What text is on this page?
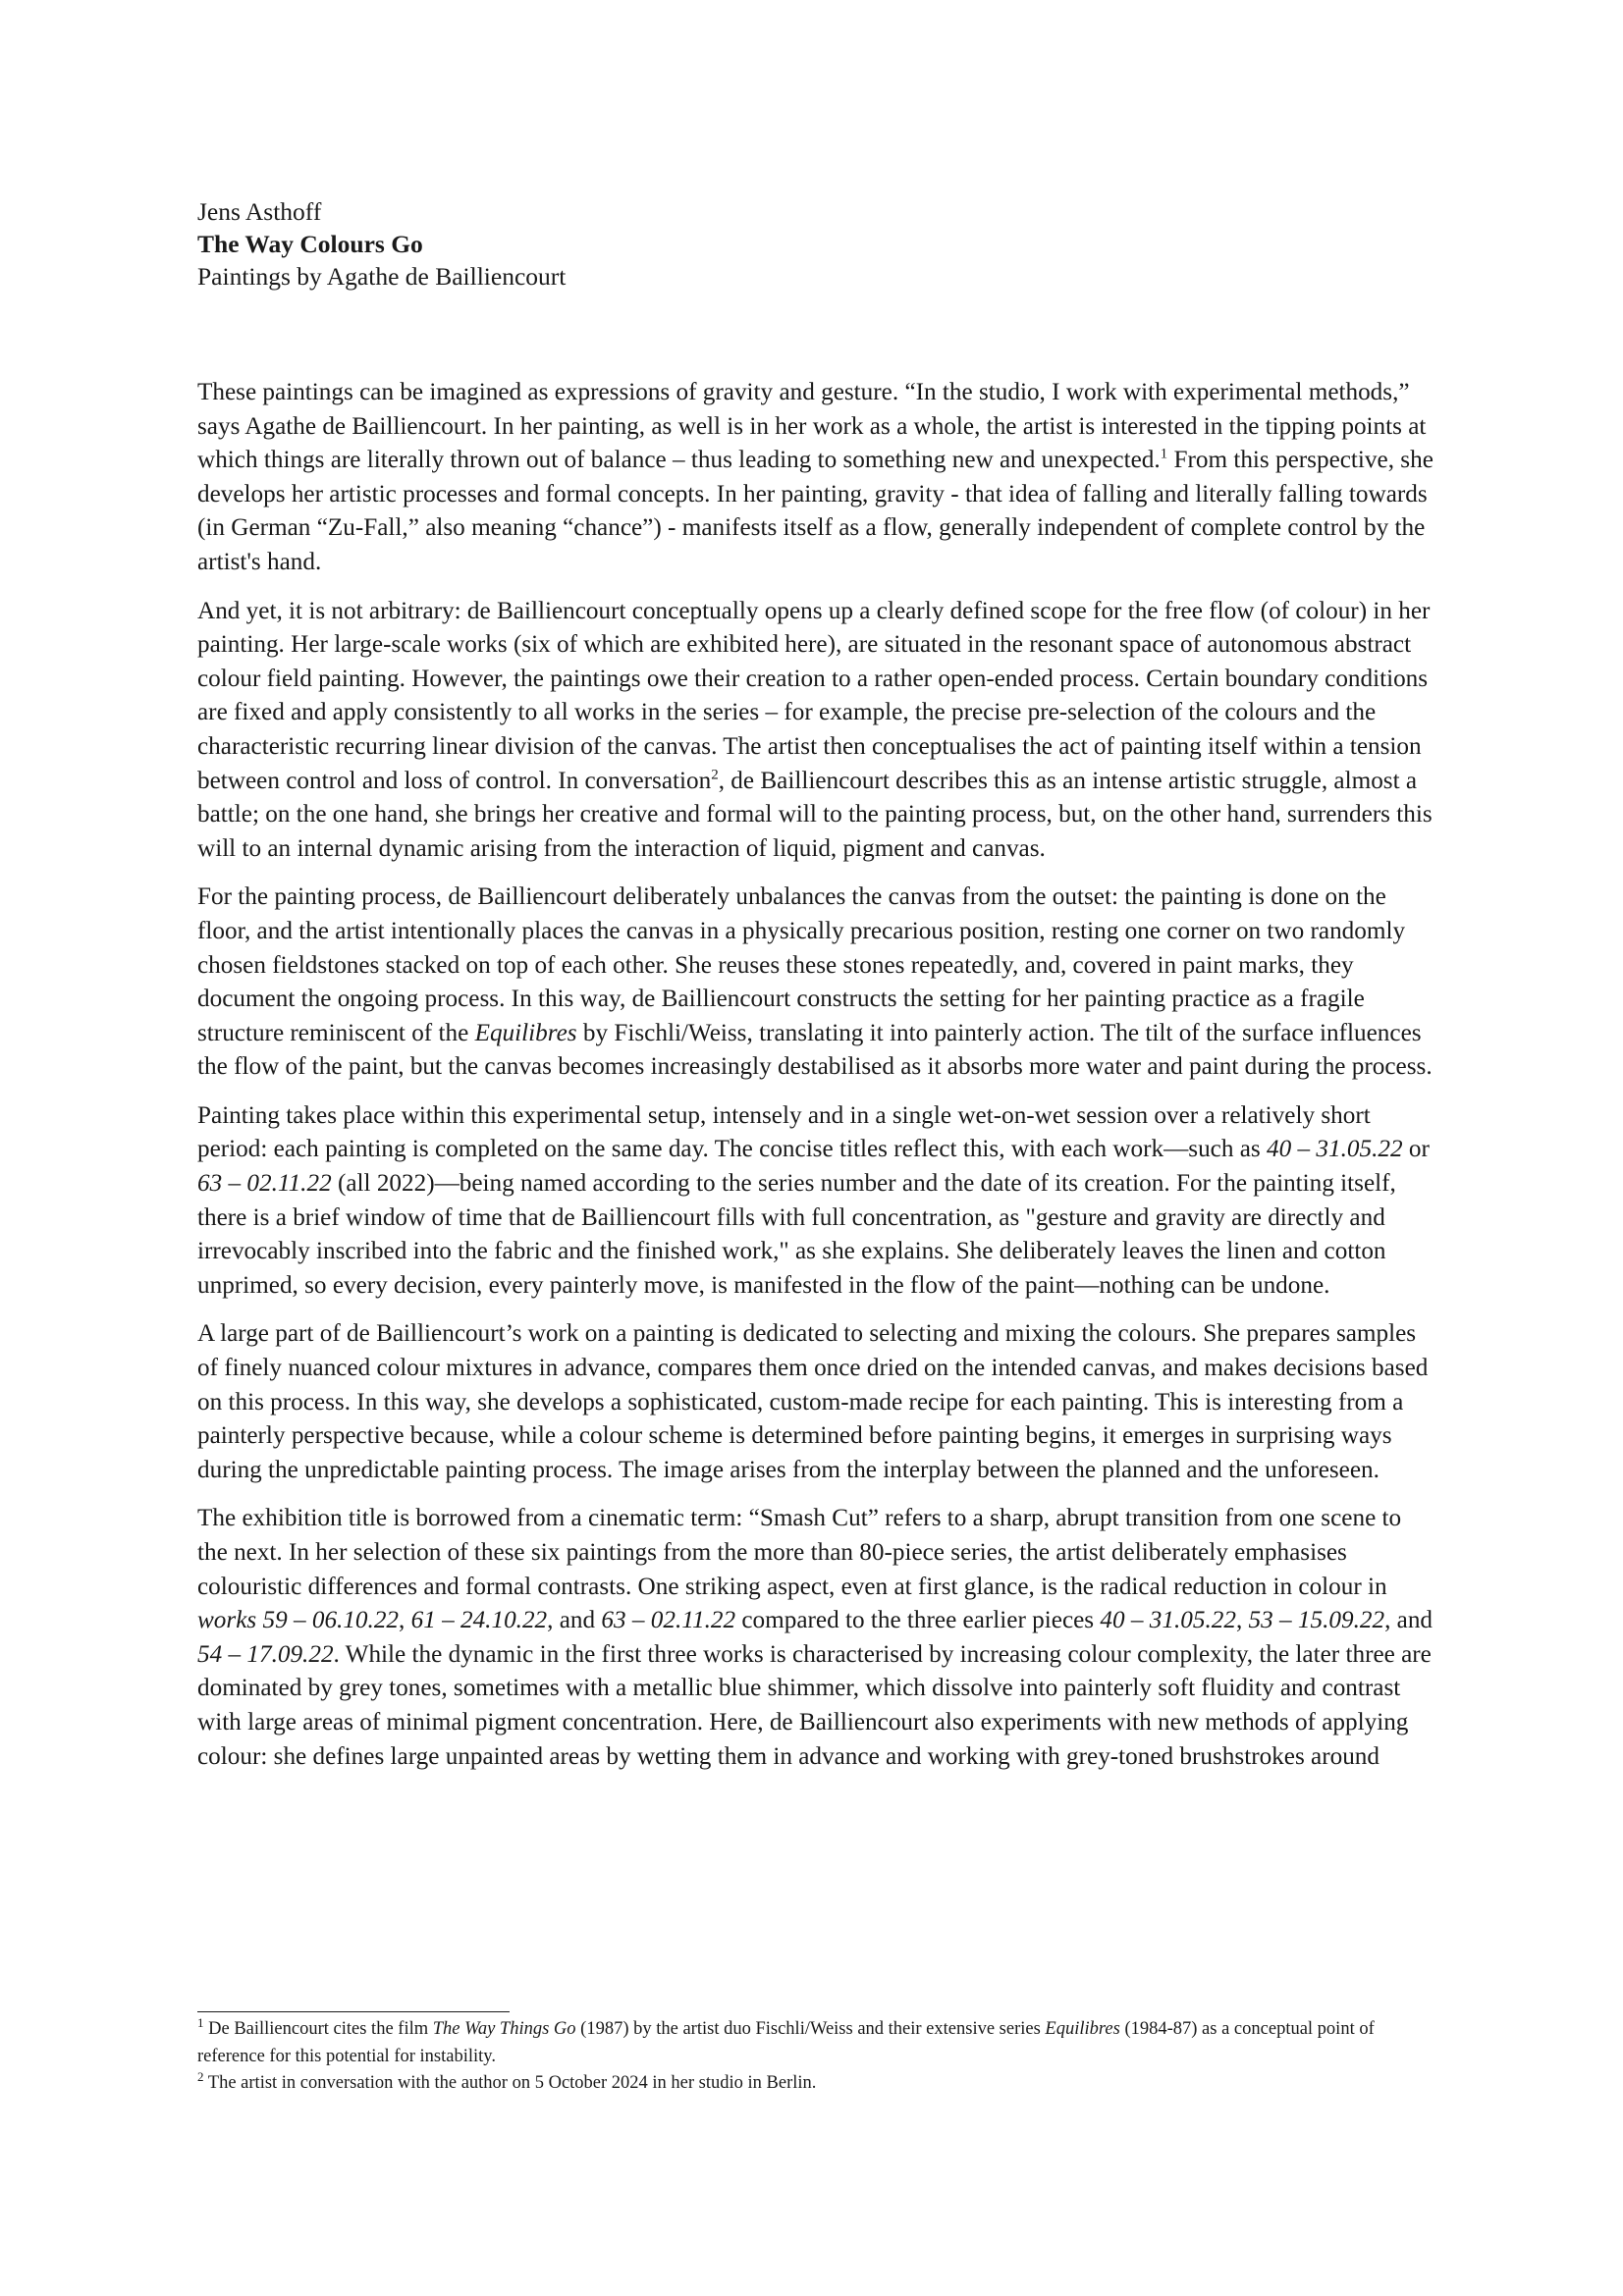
Jens Asthoff
The Way Colours Go
Paintings by Agathe de Bailliencourt

These paintings can be imagined as expressions of gravity and gesture. “In the studio, I work with experimental methods,” says Agathe de Bailliencourt. In her painting, as well is in her work as a whole, the artist is interested in the tipping points at which things are literally thrown out of balance – thus leading to something new and unexpected.$^1$ From this perspective, she develops her artistic processes and formal concepts. In her painting, gravity - that idea of falling and literally falling towards (in German “Zu-Fall,” also meaning “chance”) - manifests itself as a flow, generally independent of complete control by the artist's hand.

And yet, it is not arbitrary: de Bailliencourt conceptually opens up a clearly defined scope for the free flow (of colour) in her painting. Her large-scale works (six of which are exhibited here), are situated in the resonant space of autonomous abstract colour field painting. However, the paintings owe their creation to a rather open-ended process. Certain boundary conditions are fixed and apply consistently to all works in the series – for example, the precise pre-selection of the colours and the characteristic recurring linear division of the canvas. The artist then conceptualises the act of painting itself within a tension between control and loss of control. In conversation$^2$, de Bailliencourt describes this as an intense artistic struggle, almost a battle; on the one hand, she brings her creative and formal will to the painting process, but, on the other hand, surrenders this will to an internal dynamic arising from the interaction of liquid, pigment and canvas.

For the painting process, de Bailliencourt deliberately unbalances the canvas from the outset: the painting is done on the floor, and the artist intentionally places the canvas in a physically precarious position, resting one corner on two randomly chosen fieldstones stacked on top of each other. She reuses these stones repeatedly, and, covered in paint marks, they document the ongoing process. In this way, de Bailliencourt constructs the setting for her painting practice as a fragile structure reminiscent of the Equilibres by Fischli/Weiss, translating it into painterly action. The tilt of the surface influences the flow of the paint, but the canvas becomes increasingly destabilised as it absorbs more water and paint during the process.

Painting takes place within this experimental setup, intensely and in a single wet-on-wet session over a relatively short period: each painting is completed on the same day. The concise titles reflect this, with each work—such as 40 – 31.05.22 or 63 – 02.11.22 (all 2022)—being named according to the series number and the date of its creation. For the painting itself, there is a brief window of time that de Bailliencourt fills with full concentration, as "gesture and gravity are directly and irrevocably inscribed into the fabric and the finished work," as she explains. She deliberately leaves the linen and cotton unprimed, so every decision, every painterly move, is manifested in the flow of the paint—nothing can be undone.

A large part of de Bailliencourt’s work on a painting is dedicated to selecting and mixing the colours. She prepares samples of finely nuanced colour mixtures in advance, compares them once dried on the intended canvas, and makes decisions based on this process. In this way, she develops a sophisticated, custom-made recipe for each painting. This is interesting from a painterly perspective because, while a colour scheme is determined before painting begins, it emerges in surprising ways during the unpredictable painting process. The image arises from the interplay between the planned and the unforeseen.

The exhibition title is borrowed from a cinematic term: “Smash Cut” refers to a sharp, abrupt transition from one scene to the next. In her selection of these six paintings from the more than 80-piece series, the artist deliberately emphasises colouristic differences and formal contrasts. One striking aspect, even at first glance, is the radical reduction in colour in works 59 – 06.10.22, 61 – 24.10.22, and 63 – 02.11.22 compared to the three earlier pieces 40 – 31.05.22, 53 – 15.09.22, and 54 – 17.09.22. While the dynamic in the first three works is characterised by increasing colour complexity, the later three are dominated by grey tones, sometimes with a metallic blue shimmer, which dissolve into painterly soft fluidity and contrast with large areas of minimal pigment concentration. Here, de Bailliencourt also experiments with new methods of applying colour: she defines large unpainted areas by wetting them in advance and working with grey-toned brushstrokes around

$^1$ De Bailliencourt cites the film The Way Things Go (1987) by the artist duo Fischli/Weiss and their extensive series Equilibres (1984-87) as a conceptual point of reference for this potential for instability.

$^2$ The artist in conversation with the author on 5 October 2024 in her studio in Berlin.
